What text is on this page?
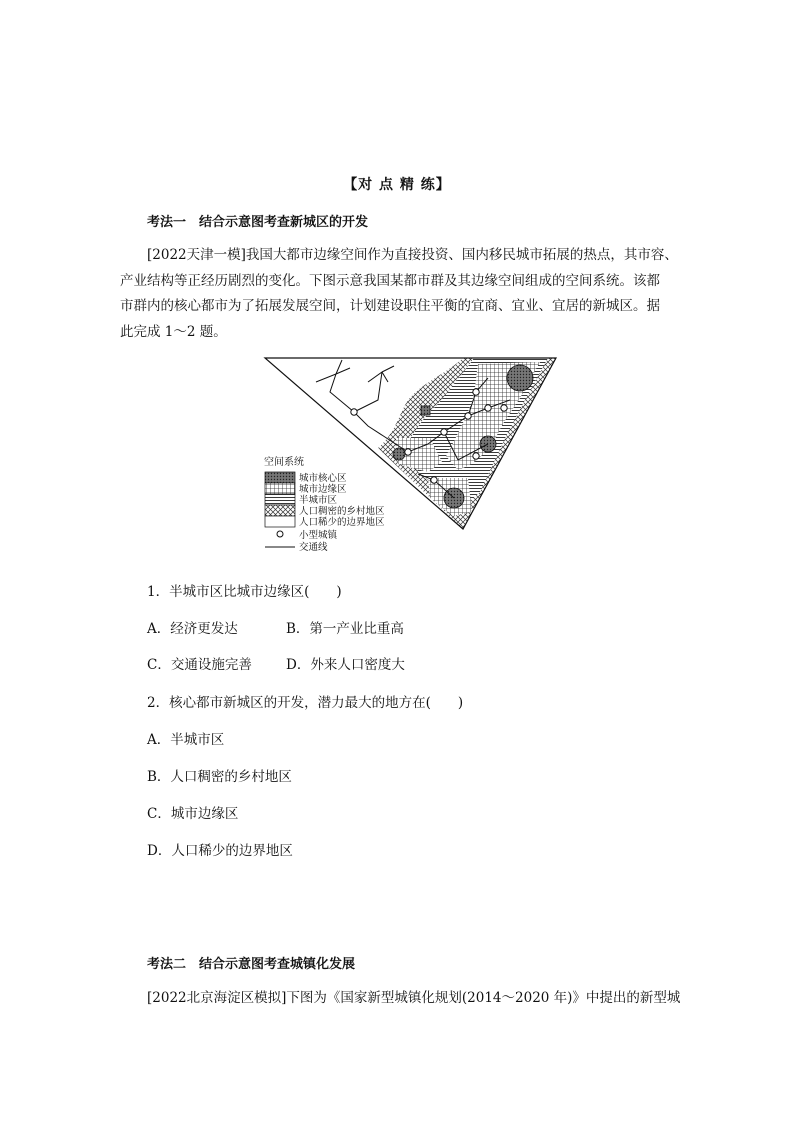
【对 点 精 练】
考法一　结合示意图考查新城区的开发
[2022天津一模]我国大都市边缘空间作为直接投资、国内移民城市拓展的热点，其市容、
产业结构等正经历剧烈的变化。下图示意我国某都市群及其边缘空间组成的空间系统。该都
市群内的核心都市为了拓展发展空间，计划建设职住平衡的宜商、宜业、宜居的新城区。据
此完成 1～2 题。
空间系统
城市核心区
城市边缘区
半城市区
人口稠密的乡村地区
人口稀少的边界地区
小型城镇
交通线
1．半城市区比城市边缘区(　　)
A．经济更发达	B．第一产业比重高
C．交通设施完善	D．外来人口密度大
2．核心都市新城区的开发，潜力最大的地方在(　　)
A．半城市区
B．人口稠密的乡村地区
C．城市边缘区
D．人口稀少的边界地区
考法二　结合示意图考查城镇化发展
[2022北京海淀区模拟]下图为《国家新型城镇化规划(2014～2020 年)》中提出的新型城
